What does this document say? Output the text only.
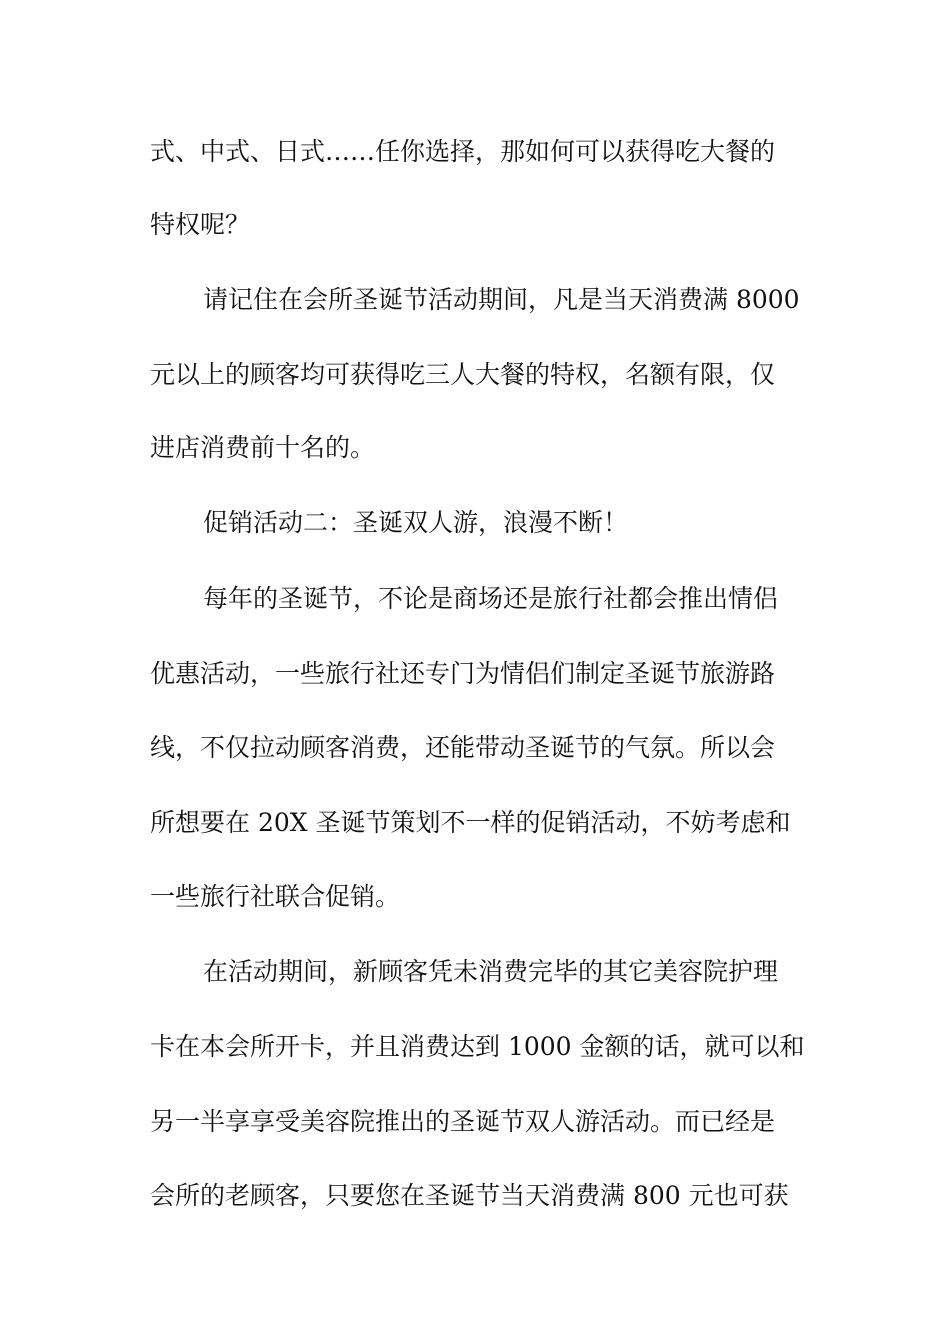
式、中式、日式……任你选择，那如何可以获得吃大餐的
特权呢？
请记住在会所圣诞节活动期间，凡是当天消费满 8000
元以上的顾客均可获得吃三人大餐的特权，名额有限，仅
进店消费前十名的。
促销活动二：圣诞双人游，浪漫不断！
每年的圣诞节，不论是商场还是旅行社都会推出情侣
优惠活动，一些旅行社还专门为情侣们制定圣诞节旅游路
线，不仅拉动顾客消费，还能带动圣诞节的气氛。所以会
所想要在 20X 圣诞节策划不一样的促销活动，不妨考虑和
一些旅行社联合促销。
在活动期间，新顾客凭未消费完毕的其它美容院护理
卡在本会所开卡，并且消费达到 1000 金额的话，就可以和
另一半享享受美容院推出的圣诞节双人游活动。而已经是
会所的老顾客，只要您在圣诞节当天消费满 800 元也可获
